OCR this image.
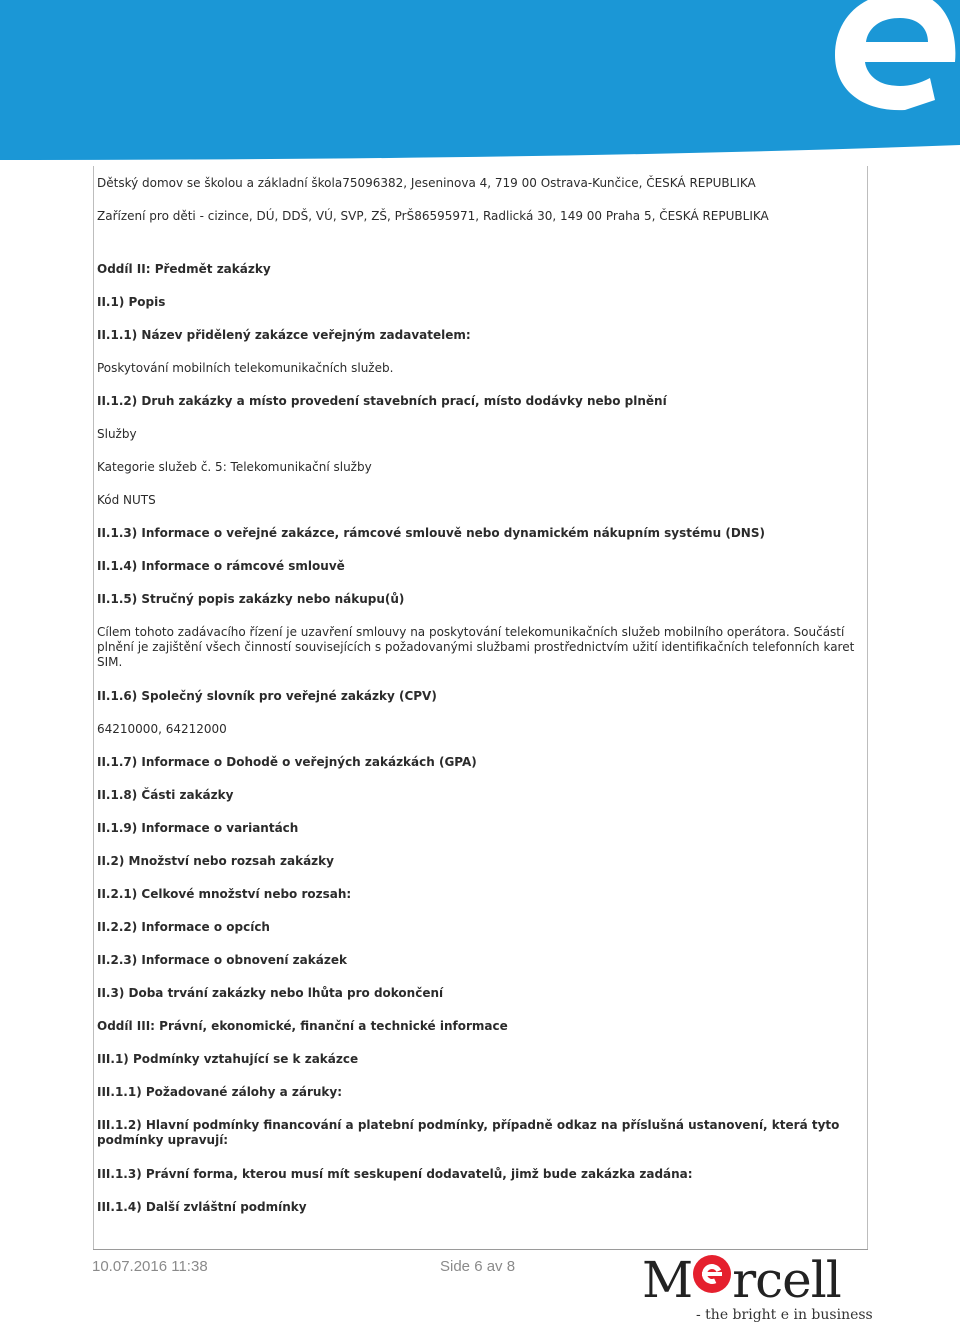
Dětský domov se školou a základní škola75096382, Jeseninova 4, 719 00 Ostrava-Kunčice, ČESKÁ REPUBLIKA

Zařízení pro děti - cizince, DÚ, DDŠ, VÚ, SVP, ZŠ, PrŠ86595971, Radlická 30, 149 00 Praha 5, ČESKÁ REPUBLIKA

Oddíl II: Předmět zakázky

II.1) Popis

II.1.1) Název přidělený zakázce veřejným zadavatelem:

Poskytování mobilních telekomunikačních služeb.

II.1.2) Druh zakázky a místo provedení stavebních prací, místo dodávky nebo plnění

Služby

Kategorie služeb č. 5: Telekomunikační služby

Kód NUTS

II.1.3) Informace o veřejné zakázce, rámcové smlouvě nebo dynamickém nákupním systému (DNS)

II.1.4) Informace o rámcové smlouvě

II.1.5) Stručný popis zakázky nebo nákupu(ů)

Cílem tohoto zadávacího řízení je uzavření smlouvy na poskytování telekomunikačních služeb mobilního operátora. Součástí plnění je zajištění všech činností souvisejících s požadovanými službami prostřednictvím užití identifikačních telefonních karet SIM.

II.1.6) Společný slovník pro veřejné zakázky (CPV)

64210000, 64212000

II.1.7) Informace o Dohodě o veřejných zakázkách (GPA)

II.1.8) Části zakázky

II.1.9) Informace o variantách

II.2) Množství nebo rozsah zakázky

II.2.1) Celkové množství nebo rozsah:

II.2.2) Informace o opcích

II.2.3) Informace o obnovení zakázek

II.3) Doba trvání zakázky nebo lhůta pro dokončení

Oddíl III: Právní, ekonomické, finanční a technické informace

III.1) Podmínky vztahující se k zakázce

III.1.1) Požadované zálohy a záruky:

III.1.2) Hlavní podmínky financování a platební podmínky, případně odkaz na příslušná ustanovení, která tyto podmínky upravují:

III.1.3) Právní forma, kterou musí mít seskupení dodavatelů, jimž bude zakázka zadána:

III.1.4) Další zvláštní podmínky

10.07.2016 11:38	Side 6 av 8	M rcell
- the bright e in business
